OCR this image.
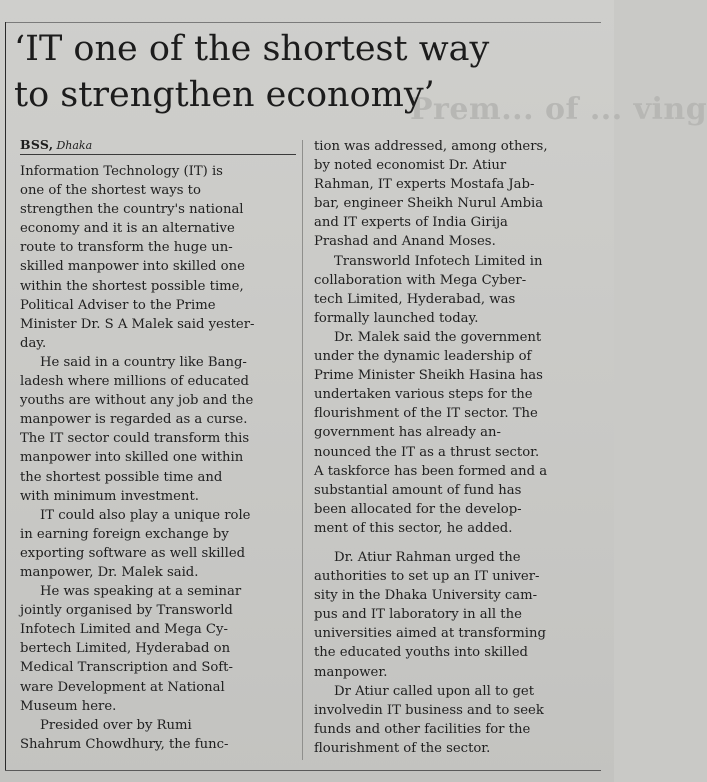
Prem... of ... ving
‘IT one of the shortest way
to strengthen economy’
BSS, Dhaka
Information Technology (IT) is
one of the shortest ways to
strengthen the country's national
economy and it is an alternative
route to transform the huge un-
skilled manpower into skilled one
within the shortest possible time,
Political Adviser to the Prime
Minister Dr. S A Malek said yester-
day.
He said in a country like Bang-
ladesh where millions of educated
youths are without any job and the
manpower is regarded as a curse.
The IT sector could transform this
manpower into skilled one within
the shortest possible time and
with minimum investment.
IT could also play a unique role
in earning foreign exchange by
exporting software as well skilled
manpower, Dr. Malek said.
He was speaking at a seminar
jointly organised by Transworld
Infotech Limited and Mega Cy-
bertech Limited, Hyderabad on
Medical Transcription and Soft-
ware Development at National
Museum here.
Presided over by Rumi
Shahrum Chowdhury, the func-
tion was addressed, among others,
by noted economist Dr. Atiur
Rahman, IT experts Mostafa Jab-
bar, engineer Sheikh Nurul Ambia
and IT experts of India Girija
Prashad and Anand Moses.
Transworld Infotech Limited in
collaboration with Mega Cyber-
tech Limited, Hyderabad, was
formally launched today.
Dr. Malek said the government
under the dynamic leadership of
Prime Minister Sheikh Hasina has
undertaken various steps for the
flourishment of the IT sector. The
government has already an-
nounced the IT as a thrust sector.
A taskforce has been formed and a
substantial amount of fund has
been allocated for the develop-
ment of this sector, he added.
Dr. Atiur Rahman urged the
authorities to set up an IT univer-
sity in the Dhaka University cam-
pus and IT laboratory in all the
universities aimed at transforming
the educated youths into skilled
manpower.
Dr Atiur called upon all to get
involvedin IT business and to seek
funds and other facilities for the
flourishment of the sector.
